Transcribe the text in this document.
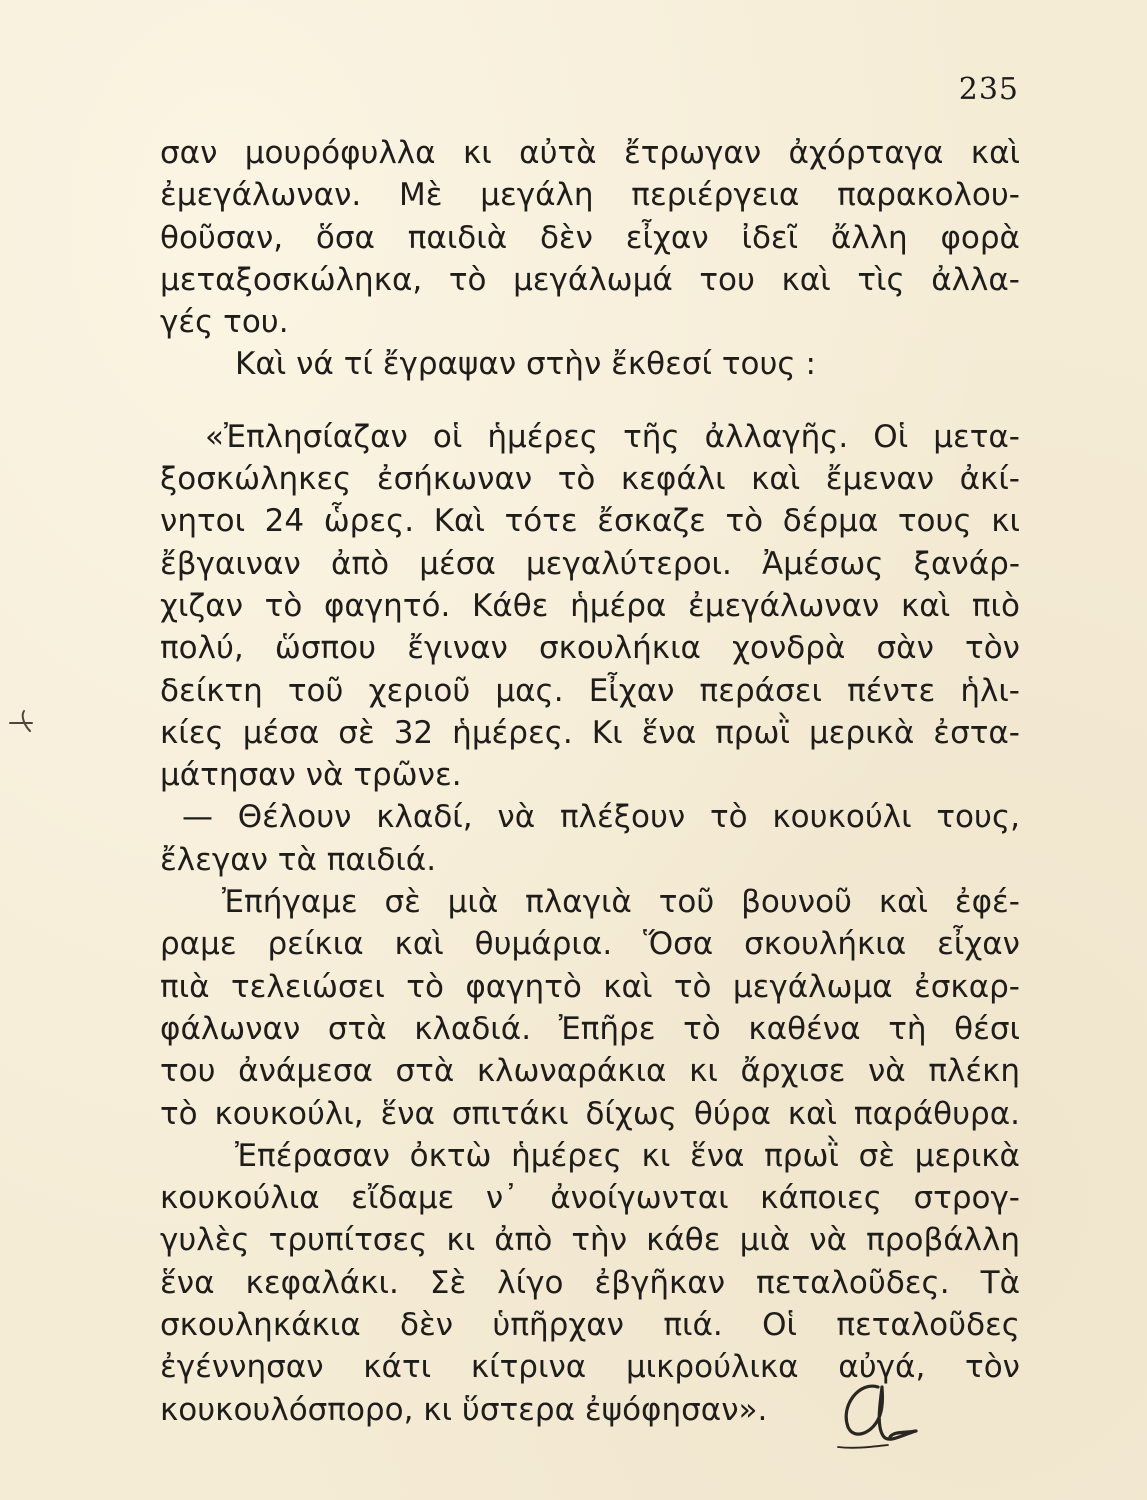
235
σαν μουρόφυλλα κι αὐτὰ ἔτρωγαν ἀχόρταγα καὶ
ἐμεγάλωναν. Μὲ μεγάλη περιέργεια παρακολου-
θοῦσαν, ὅσα παιδιὰ δὲν εἶχαν ἰδεῖ ἄλλη φορὰ
μεταξοσκώληκα, τὸ μεγάλωμά του καὶ τὶς ἀλλα-
γές του.
Καὶ νά τί ἔγραψαν στὴν ἔκθεσί τους :
«Ἐπλησίαζαν οἱ ἡμέρες τῆς ἀλλαγῆς. Οἱ μετα-
ξοσκώληκες ἐσήκωναν τὸ κεφάλι καὶ ἔμεναν ἀκί-
νητοι 24 ὧρες. Καὶ τότε ἔσκαζε τὸ δέρμα τους κι
ἔβγαιναν ἀπὸ μέσα μεγαλύτεροι. Ἀμέσως ξανάρ-
χιζαν τὸ φαγητό. Κάθε ἡμέρα ἐμεγάλωναν καὶ πιὸ
πολύ, ὥσπου ἔγιναν σκουλήκια χονδρὰ σὰν τὸν
δείκτη τοῦ χεριοῦ μας. Εἶχαν περάσει πέντε ἡλι-
κίες μέσα σὲ 32 ἡμέρες. Κι ἕνα πρωῒ μερικὰ ἐστα-
μάτησαν νὰ τρῶνε.
— Θέλουν κλαδί, νὰ πλέξουν τὸ κουκούλι τους,
ἔλεγαν τὰ παιδιά.
Ἐπήγαμε σὲ μιὰ πλαγιὰ τοῦ βουνοῦ καὶ ἐφέ-
ραμε ρείκια καὶ θυμάρια. Ὅσα σκουλήκια εἶχαν
πιὰ τελειώσει τὸ φαγητὸ καὶ τὸ μεγάλωμα ἐσκαρ-
φάλωναν στὰ κλαδιά. Ἐπῆρε τὸ καθένα τὴ θέσι
του ἀνάμεσα στὰ κλωναράκια κι ἄρχισε νὰ πλέκη
τὸ κουκούλι, ἕνα σπιτάκι δίχως θύρα καὶ παράθυρα.
Ἐπέρασαν ὀκτὼ ἡμέρες κι ἕνα πρωῒ σὲ μερικὰ
κουκούλια εἴδαμε ν᾿ ἀνοίγωνται κάποιες στρογ-
γυλὲς τρυπίτσες κι ἀπὸ τὴν κάθε μιὰ νὰ προβάλλη
ἕνα κεφαλάκι. Σὲ λίγο ἐβγῆκαν πεταλοῦδες. Τὰ
σκουληκάκια δὲν ὑπῆρχαν πιά. Οἱ πεταλοῦδες
ἐγέννησαν κάτι κίτρινα μικρούλικα αὐγά, τὸν
κουκουλόσπορο, κι ὕστερα ἐψόφησαν».
